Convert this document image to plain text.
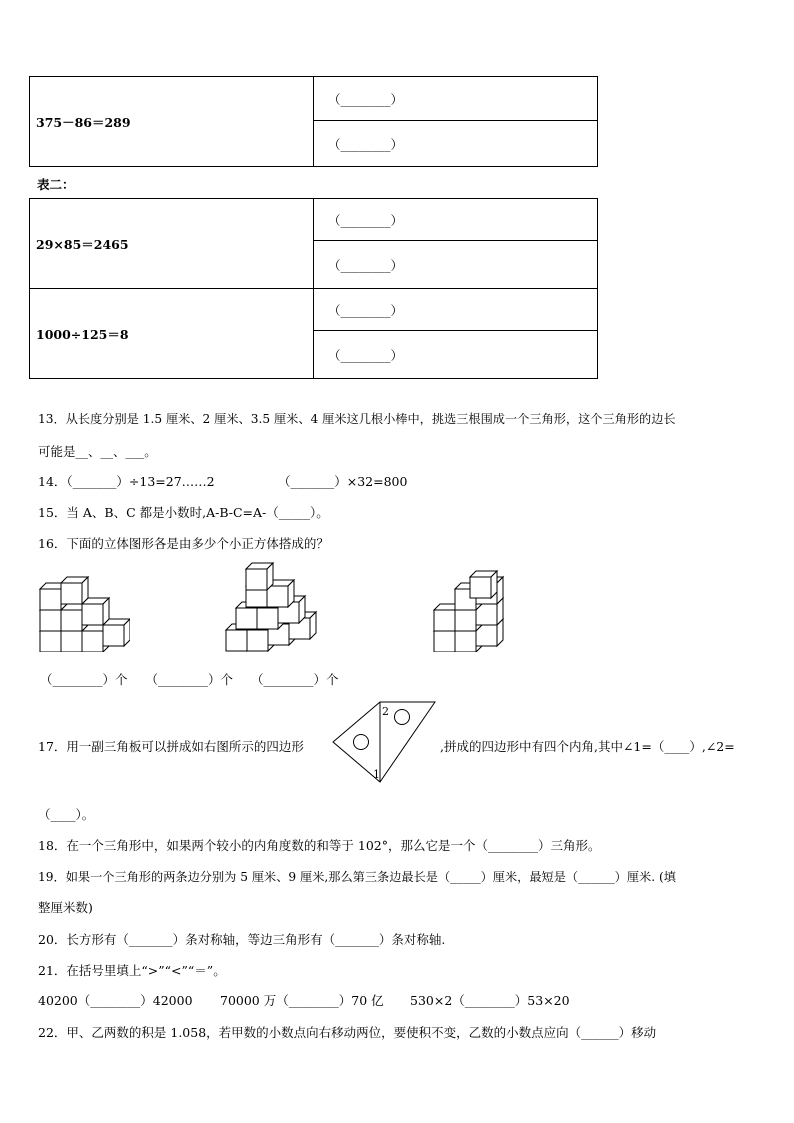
375－86＝289	（________）
（________）
表二：
29×85＝2465	（________）
	（________）
1000÷125＝8	（________）
	（________）
13．从长度分别是 1.5 厘米、2 厘米、3.5 厘米、4 厘米这几根小棒中，挑选三根围成一个三角形，这个三角形的边长
可能是__、__、___。
14．（_______）÷13=27……2	（_______）×32=800
15．当 A、B、C 都是小数时,A-B-C=A-（_____）。
16．下面的立体图形各是由多少个小正方体搭成的？
（________）个 （________）个 （________）个
17．用一副三角板可以拼成如右图所示的四边形
2
1
,拼成的四边形中有四个内角,其中∠1=（____）,∠2=
（____）。
18．在一个三角形中，如果两个较小的内角度数的和等于 102°，那么它是一个（________）三角形。
19．如果一个三角形的两条边分别为 5 厘米、9 厘米,那么第三条边最长是（_____）厘米，最短是（______）厘米. (填
整厘米数)
20．长方形有（_______）条对称轴，等边三角形有（_______）条对称轴.
21．在括号里填上“>”“<”“＝”。
40200（________）42000 70000 万（________）70 亿 530×2（________）53×20
22．甲、乙两数的积是 1.058，若甲数的小数点向右移动两位，要使积不变，乙数的小数点应向（______）移动
